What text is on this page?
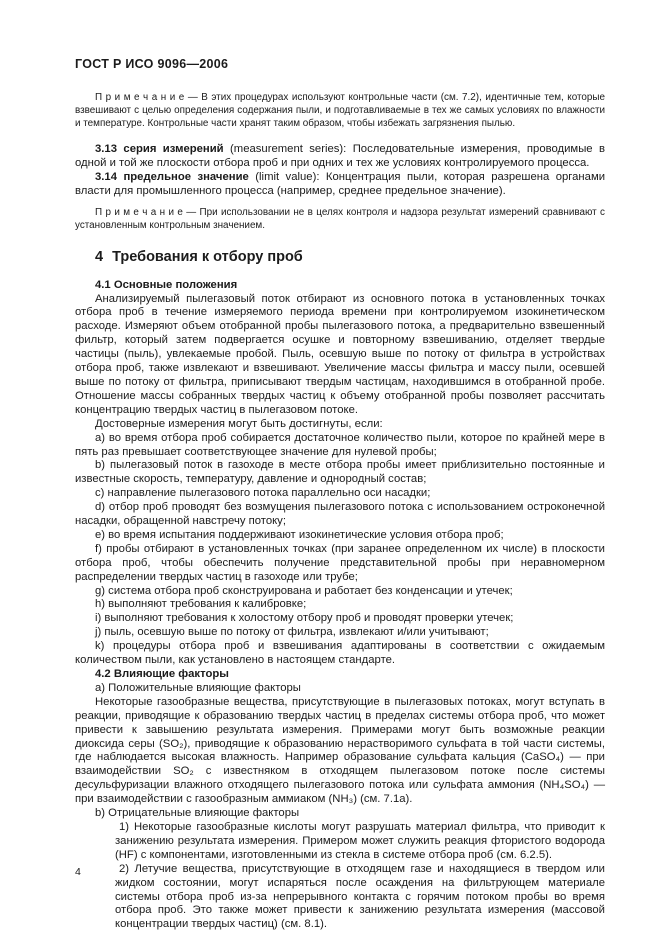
ГОСТ Р ИСО 9096—2006

П р и м е ч а н и е — В этих процедурах используют контрольные части (см. 7.2), идентичные тем, которые взвешивают с целью определения содержания пыли, и подготавливаемые в тех же самых условиях по влажности и температуре. Контрольные части хранят таким образом, чтобы избежать загрязнения пылью.

3.13 серия измерений (measurement series): Последовательные измерения, проводимые в одной и той же плоскости отбора проб и при одних и тех же условиях контролируемого процесса.

3.14 предельное значение (limit value): Концентрация пыли, которая разрешена органами власти для промышленного процесса (например, среднее предельное значение).

П р и м е ч а н и е — При использовании не в целях контроля и надзора результат измерений сравнивают с установленным контрольным значением.

4 Требования к отбору проб

4.1 Основные положения

Анализируемый пылегазовый поток отбирают из основного потока в установленных точках отбора проб в течение измеряемого периода времени при контролируемом изокинетическом расходе. Измеряют объем отобранной пробы пылегазового потока, а предварительно взвешенный фильтр, который затем подвергается осушке и повторному взвешиванию, отделяет твердые частицы (пыль), увлекаемые пробой. Пыль, осевшую выше по потоку от фильтра в устройствах отбора проб, также извлекают и взвешивают. Увеличение массы фильтра и массу пыли, осевшей выше по потоку от фильтра, приписывают твердым частицам, находившимся в отобранной пробе. Отношение массы собранных твердых частиц к объему отобранной пробы позволяет рассчитать концентрацию твердых частиц в пылегазовом потоке.

Достоверные измерения могут быть достигнуты, если:

a) во время отбора проб собирается достаточное количество пыли, которое по крайней мере в пять раз превышает соответствующее значение для нулевой пробы;

b) пылегазовый поток в газоходе в месте отбора пробы имеет приблизительно постоянные и известные скорость, температуру, давление и однородный состав;

c) направление пылегазового потока параллельно оси насадки;

d) отбор проб проводят без возмущения пылегазового потока с использованием остроконечной насадки, обращенной навстречу потоку;

e) во время испытания поддерживают изокинетические условия отбора проб;

f) пробы отбирают в установленных точках (при заранее определенном их числе) в плоскости отбора проб, чтобы обеспечить получение представительной пробы при неравномерном распределении твердых частиц в газоходе или трубе;

g) система отбора проб сконструирована и работает без конденсации и утечек;

h) выполняют требования к калибровке;

i) выполняют требования к холостому отбору проб и проводят проверки утечек;

j) пыль, осевшую выше по потоку от фильтра, извлекают и/или учитывают;

k) процедуры отбора проб и взвешивания адаптированы в соответствии с ожидаемым количеством пыли, как установлено в настоящем стандарте.

4.2 Влияющие факторы

a) Положительные влияющие факторы

Некоторые газообразные вещества, присутствующие в пылегазовых потоках, могут вступать в реакции, приводящие к образованию твердых частиц в пределах системы отбора проб, что может привести к завышению результата измерения. Примерами могут быть возможные реакции диоксида серы (SO₂), приводящие к образованию нерастворимого сульфата в той части системы, где наблюдается высокая влажность. Например образование сульфата кальция (CaSO₄) — при взаимодействии SO₂ с известняком в отходящем пылегазовом потоке после системы десульфуризации влажного отходящего пылегазового потока или сульфата аммония (NH₄SO₄) — при взаимодействии с газообразным аммиаком (NH₃) (см. 7.1a).

b) Отрицательные влияющие факторы

1) Некоторые газообразные кислоты могут разрушать материал фильтра, что приводит к занижению результата измерения. Примером может служить реакция фтористого водорода (HF) с компонентами, изготовленными из стекла в системе отбора проб (см. 6.2.5).

2) Летучие вещества, присутствующие в отходящем газе и находящиеся в твердом или жидком состоянии, могут испаряться после осаждения на фильтрующем материале системы отбора проб из-за непрерывного контакта с горячим потоком пробы во время отбора проб. Это также может привести к занижению результата измерения (массовой концентрации твердых частиц) (см. 8.1).

4
